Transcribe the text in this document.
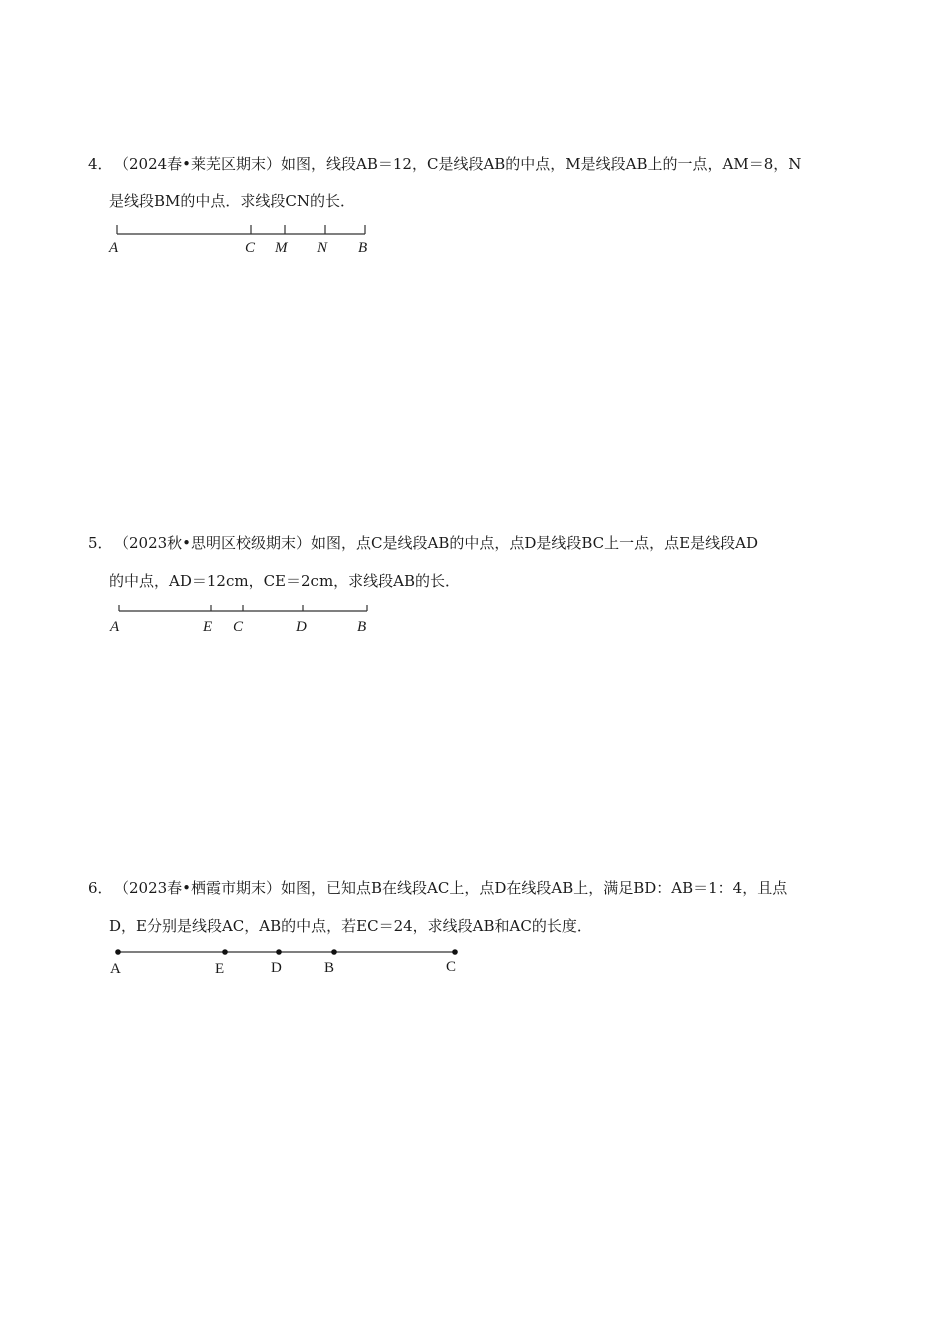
4． （2024春•莱芜区期末）如图，线段AB＝12，C是线段AB的中点，M是线段AB上的一点，AM＝8，N
是线段BM的中点．求线段CN的长．
A	C M N B
5． （2023秋•思明区校级期末）如图，点C是线段AB的中点，点D是线段BC上一点，点E是线段AD
的中点，AD＝12cm，CE＝2cm，求线段AB的长．
A	E C	D	B
6． （2023春•栖霞市期末）如图，已知点B在线段AC上，点D在线段AB上，满足BD：AB＝1：4，且点
D，E分别是线段AC，AB的中点，若EC＝24，求线段AB和AC的长度．
A	E	D	B	C
